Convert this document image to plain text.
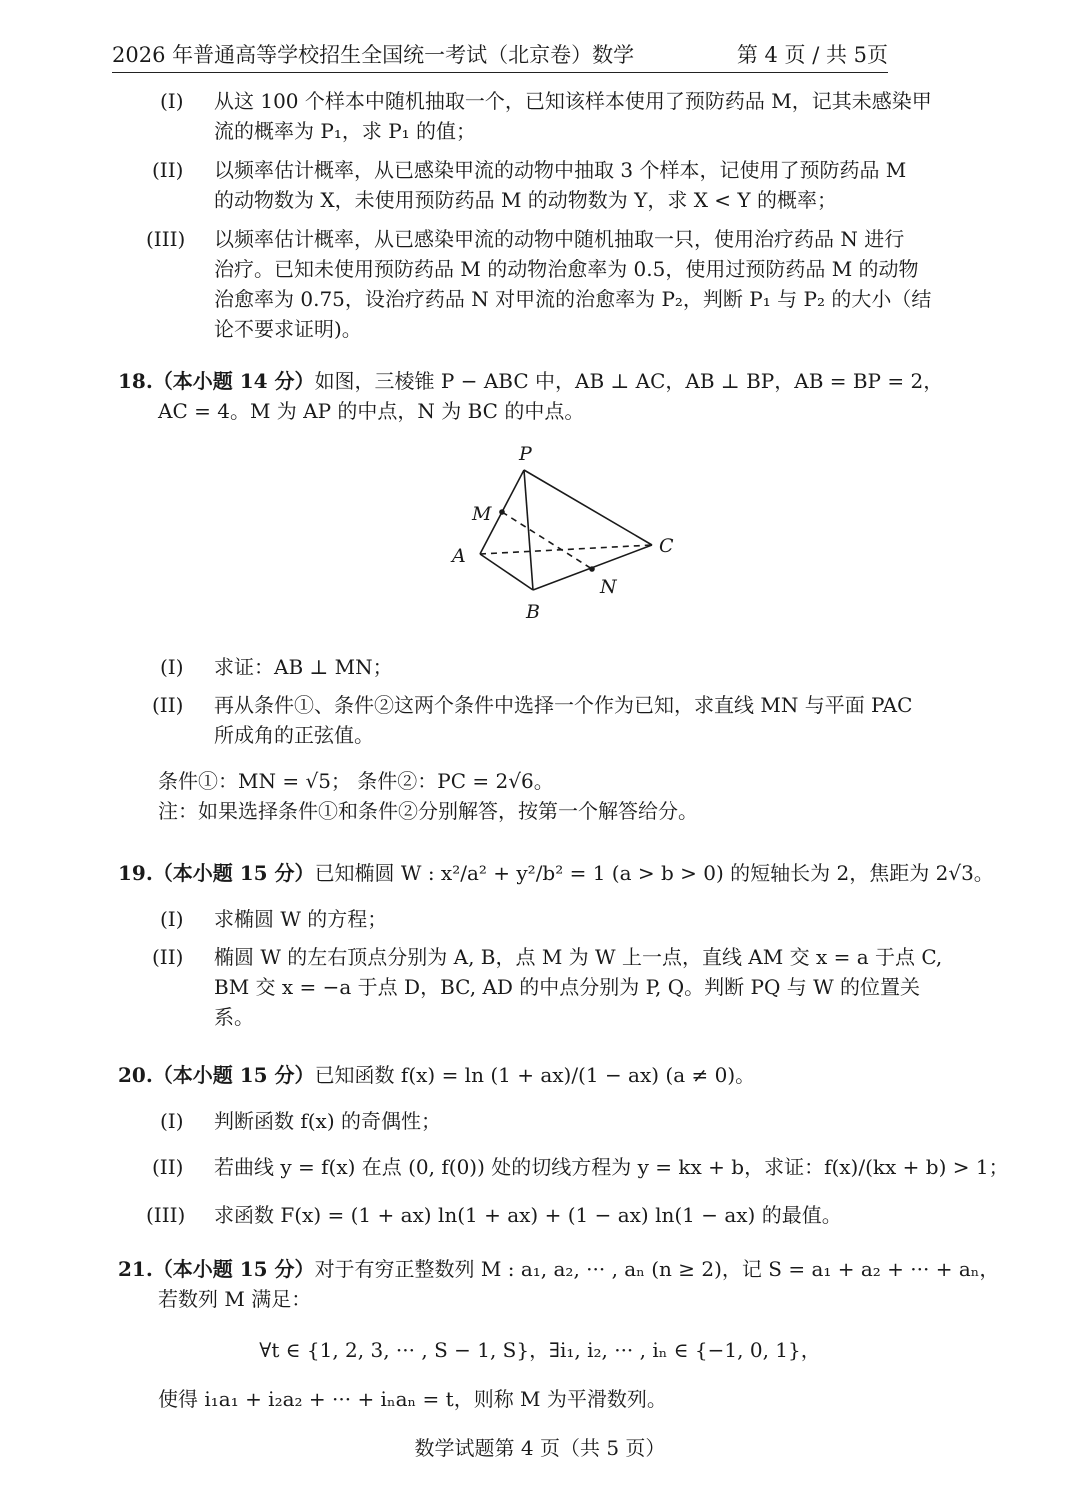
2026 年普通高等学校招生全国统一考试（北京卷）数学	第 4 页 / 共 5页
(I) 从这 100 个样本中随机抽取一个，已知该样本使用了预防药品 M，记其未感染甲
流的概率为 P₁，求 P₁ 的值；
(II) 以频率估计概率，从已感染甲流的动物中抽取 3 个样本，记使用了预防药品 M
的动物数为 X，未使用预防药品 M 的动物数为 Y，求 X < Y 的概率；
(III) 以频率估计概率，从已感染甲流的动物中随机抽取一只，使用治疗药品 N 进行
治疗。已知未使用预防药品 M 的动物治愈率为 0.5，使用过预防药品 M 的动物
治愈率为 0.75，设治疗药品 N 对甲流的治愈率为 P₂，判断 P₁ 与 P₂ 的大小（结
论不要求证明)。
18.（本小题 14 分）如图，三棱锥 P − ABC 中，AB ⊥ AC，AB ⊥ BP，AB = BP = 2，
AC = 4。M 为 AP 的中点，N 为 BC 的中点。
P
M
A	C
N
B
(I) 求证：AB ⊥ MN；
(II) 再从条件①、条件②这两个条件中选择一个作为已知，求直线 MN 与平面 PAC
所成角的正弦值。
条件①：MN = √5； 条件②：PC = 2√6。
注：如果选择条件①和条件②分别解答，按第一个解答给分。
19.（本小题 15 分）已知椭圆 W : x²/a² + y²/b² = 1 (a > b > 0) 的短轴长为 2，焦距为 2√3。
(I) 求椭圆 W 的方程；
(II) 椭圆 W 的左右顶点分别为 A, B，点 M 为 W 上一点，直线 AM 交 x = a 于点 C,
BM 交 x = −a 于点 D，BC, AD 的中点分别为 P, Q。判断 PQ 与 W 的位置关
系。
20.（本小题 15 分）已知函数 f(x) = ln (1 + ax)/(1 − ax) (a ≠ 0)。
(I) 判断函数 f(x) 的奇偶性；
(II) 若曲线 y = f(x) 在点 (0, f(0)) 处的切线方程为 y = kx + b，求证：f(x)/(kx + b) > 1；
(III) 求函数 F(x) = (1 + ax) ln(1 + ax) + (1 − ax) ln(1 − ax) 的最值。
21.（本小题 15 分）对于有穷正整数列 M : a₁, a₂, ··· , aₙ (n ≥ 2)，记 S = a₁ + a₂ + ··· + aₙ，
若数列 M 满足：
∀t ∈ {1, 2, 3, ··· , S − 1, S}，∃i₁, i₂, ··· , iₙ ∈ {−1, 0, 1}，
使得 i₁a₁ + i₂a₂ + ··· + iₙaₙ = t，则称 M 为平滑数列。
数学试题第 4 页（共 5 页）
